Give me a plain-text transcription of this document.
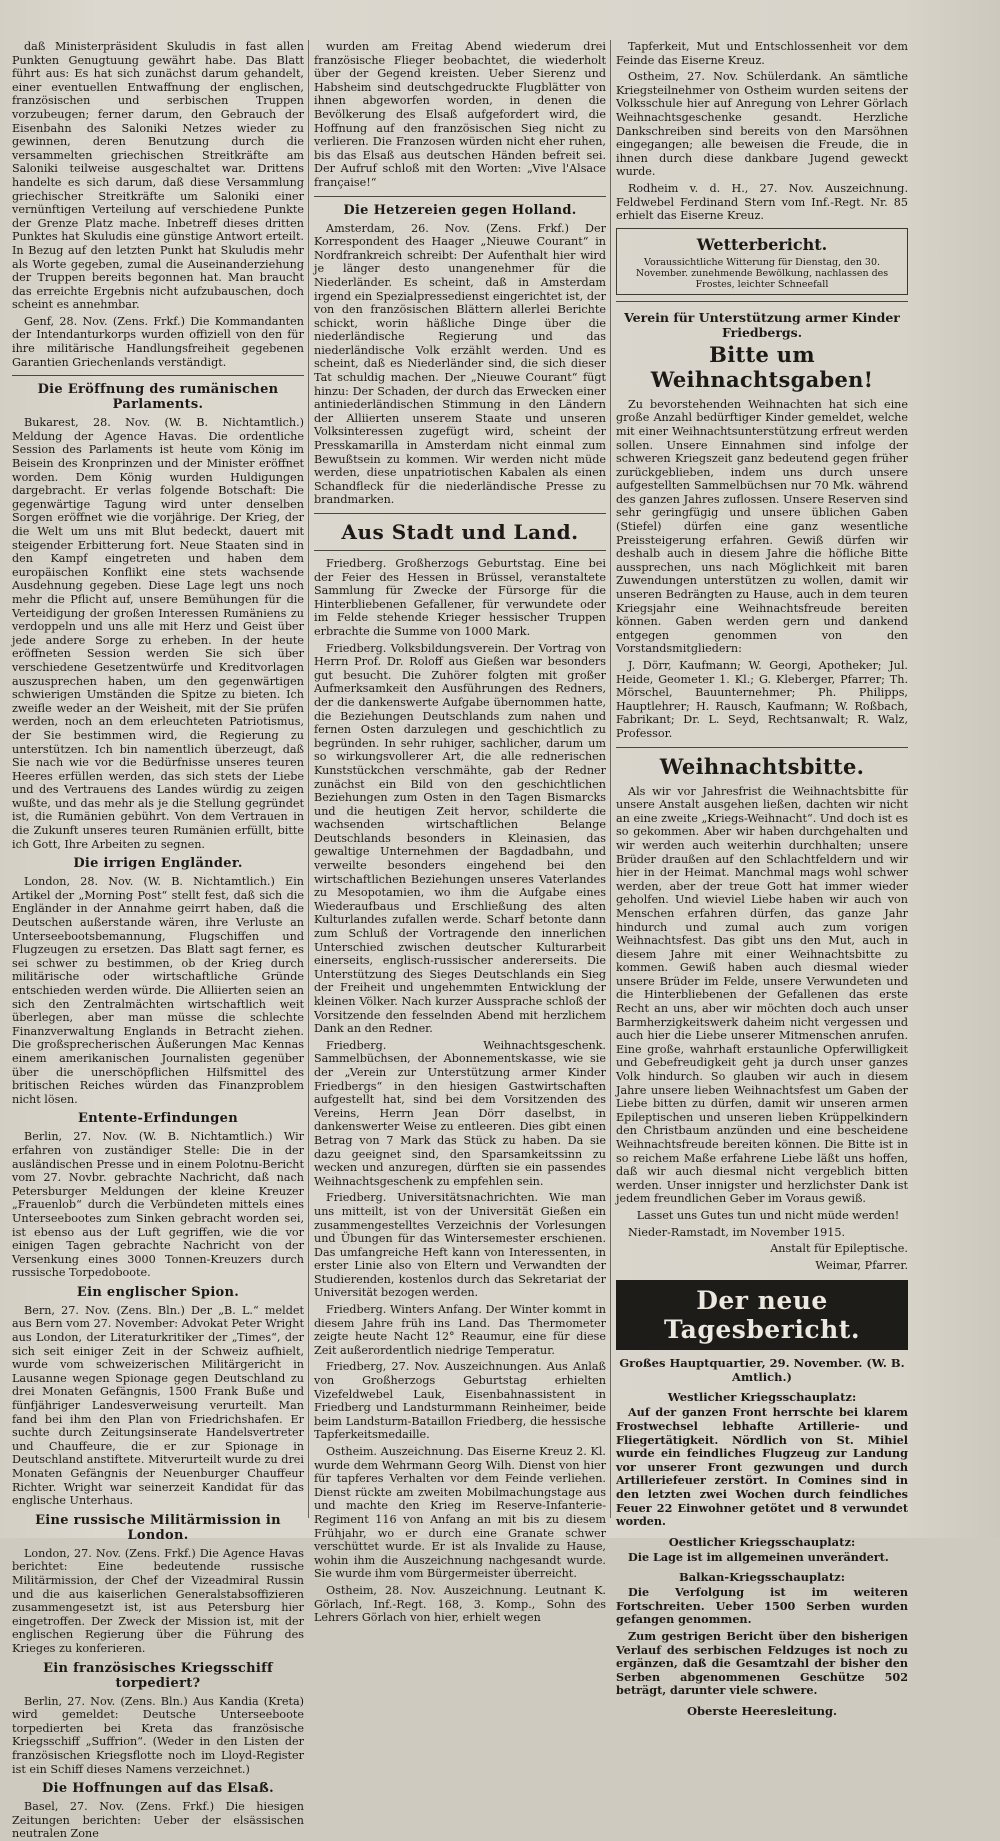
daß Ministerpräsident Skuludis in fast allen Punkten Genugtuung gewährt habe. Das Blatt führt aus: Es hat sich zunächst darum gehandelt, einer eventuellen Entwaffnung der englischen, französischen und serbischen Truppen vorzubeugen; ferner darum, den Gebrauch der Eisenbahn des Saloniki Netzes wieder zu gewinnen, deren Benutzung durch die versammelten griechischen Streitkräfte am Saloniki teilweise ausgeschaltet war. Drittens handelte es sich darum, daß diese Versammlung griechischer Streitkräfte um Saloniki einer vernünftigen Verteilung auf verschiedene Punkte der Grenze Platz mache. Inbetreff dieses dritten Punktes hat Skuludis eine günstige Antwort erteilt. In Bezug auf den letzten Punkt hat Skuludis mehr als Worte gegeben, zumal die Auseinanderziehung der Truppen bereits begonnen hat. Man braucht das erreichte Ergebnis nicht aufzubauschen, doch scheint es annehmbar.

Genf, 28. Nov. (Zens. Frkf.) Die Kommandanten der Intendanturkorps wurden offiziell von den für ihre militärische Handlungsfreiheit gegebenen Garantien Griechenlands verständigt.

Die Eröffnung des rumänischen Parlaments.

Bukarest, 28. Nov. (W. B. Nichtamtlich.) Meldung der Agence Havas. Die ordentliche Session des Parlaments ist heute vom König im Beisein des Kronprinzen und der Minister eröffnet worden. Dem König wurden Huldigungen dargebracht. Er verlas folgende Botschaft: Die gegenwärtige Tagung wird unter denselben Sorgen eröffnet wie die vorjährige. Der Krieg, der die Welt um uns mit Blut bedeckt, dauert mit steigender Erbitterung fort. Neue Staaten sind in den Kampf eingetreten und haben dem europäischen Konflikt eine stets wachsende Ausdehnung gegeben. Diese Lage legt uns noch mehr die Pflicht auf, unsere Bemühungen für die Verteidigung der großen Interessen Rumäniens zu verdoppeln und uns alle mit Herz und Geist über jede andere Sorge zu erheben. In der heute eröffneten Session werden Sie sich über verschiedene Gesetzentwürfe und Kreditvorlagen auszusprechen haben, um den gegenwärtigen schwierigen Umständen die Spitze zu bieten. Ich zweifle weder an der Weisheit, mit der Sie prüfen werden, noch an dem erleuchteten Patriotismus, der Sie bestimmen wird, die Regierung zu unterstützen. Ich bin namentlich überzeugt, daß Sie nach wie vor die Bedürfnisse unseres teuren Heeres erfüllen werden, das sich stets der Liebe und des Vertrauens des Landes würdig zu zeigen wußte, und das mehr als je die Stellung gegründet ist, die Rumänien gebührt. Von dem Vertrauen in die Zukunft unseres teuren Rumänien erfüllt, bitte ich Gott, Ihre Arbeiten zu segnen.

Die irrigen Engländer.

London, 28. Nov. (W. B. Nichtamtlich.) Ein Artikel der „Morning Post“ stellt fest, daß sich die Engländer in der Annahme geirrt haben, daß die Deutschen außerstande wären, ihre Verluste an Unterseebootsbemannung, Flugschiffen und Flugzeugen zu ersetzen. Das Blatt sagt ferner, es sei schwer zu bestimmen, ob der Krieg durch militärische oder wirtschaftliche Gründe entschieden werden würde. Die Alliierten seien an sich den Zentralmächten wirtschaftlich weit überlegen, aber man müsse die schlechte Finanzverwaltung Englands in Betracht ziehen. Die großsprecherischen Äußerungen Mac Kennas einem amerikanischen Journalisten gegenüber über die unerschöpflichen Hilfsmittel des britischen Reiches würden das Finanzproblem nicht lösen.

Entente-Erfindungen

Berlin, 27. Nov. (W. B. Nichtamtlich.) Wir erfahren von zuständiger Stelle: Die in der ausländischen Presse und in einem Polotnu-Bericht vom 27. Novbr. gebrachte Nachricht, daß nach Petersburger Meldungen der kleine Kreuzer „Frauenlob“ durch die Verbündeten mittels eines Unterseebootes zum Sinken gebracht worden sei, ist ebenso aus der Luft gegriffen, wie die vor einigen Tagen gebrachte Nachricht von der Versenkung eines 3000 Tonnen-Kreuzers durch russische Torpedoboote.

Ein englischer Spion.

Bern, 27. Nov. (Zens. Bln.) Der „B. L.“ meldet aus Bern vom 27. November: Advokat Peter Wright aus London, der Literaturkritiker der „Times“, der sich seit einiger Zeit in der Schweiz aufhielt, wurde vom schweizerischen Militärgericht in Lausanne wegen Spionage gegen Deutschland zu drei Monaten Gefängnis, 1500 Frank Buße und fünfjähriger Landesverweisung verurteilt. Man fand bei ihm den Plan von Friedrichshafen. Er suchte durch Zeitungsinserate Handelsvertreter und Chauffeure, die er zur Spionage in Deutschland anstiftete. Mitverurteilt wurde zu drei Monaten Gefängnis der Neuenburger Chauffeur Richter. Wright war seinerzeit Kandidat für das englische Unterhaus.

Eine russische Militärmission in London.

London, 27. Nov. (Zens. Frkf.) Die Agence Havas berichtet: Eine bedeutende russische Militärmission, der Chef der Vizeadmiral Russin und die aus kaiserlichen Generalstabsoffizieren zusammengesetzt ist, ist aus Petersburg hier eingetroffen. Der Zweck der Mission ist, mit der englischen Regierung über die Führung des Krieges zu konferieren.

Ein französisches Kriegsschiff torpediert?

Berlin, 27. Nov. (Zens. Bln.) Aus Kandia (Kreta) wird gemeldet: Deutsche Unterseeboote torpedierten bei Kreta das französische Kriegsschiff „Suffrion“. (Weder in den Listen der französischen Kriegsflotte noch im Lloyd-Register ist ein Schiff dieses Namens verzeichnet.)

Die Hoffnungen auf das Elsaß.

Basel, 27. Nov. (Zens. Frkf.) Die hiesigen Zeitungen berichten: Ueber der elsässischen neutralen Zone

wurden am Freitag Abend wiederum drei französische Flieger beobachtet, die wiederholt über der Gegend kreisten. Ueber Sierenz und Habsheim sind deutschgedruckte Flugblätter von ihnen abgeworfen worden, in denen die Bevölkerung des Elsaß aufgefordert wird, die Hoffnung auf den französischen Sieg nicht zu verlieren. Die Franzosen würden nicht eher ruhen, bis das Elsaß aus deutschen Händen befreit sei. Der Aufruf schloß mit den Worten: „Vive l'Alsace française!“

Die Hetzereien gegen Holland.

Amsterdam, 26. Nov. (Zens. Frkf.) Der Korrespondent des Haager „Nieuwe Courant“ in Nordfrankreich schreibt: Der Aufenthalt hier wird je länger desto unangenehmer für die Niederländer. Es scheint, daß in Amsterdam irgend ein Spezialpressedienst eingerichtet ist, der von den französischen Blättern allerlei Berichte schickt, worin häßliche Dinge über die niederländische Regierung und das niederländische Volk erzählt werden. Und es scheint, daß es Niederländer sind, die sich dieser Tat schuldig machen. Der „Nieuwe Courant“ fügt hinzu: Der Schaden, der durch das Erwecken einer antiniederländischen Stimmung in den Ländern der Alliierten unserem Staate und unseren Volksinteressen zugefügt wird, scheint der Presskamarilla in Amsterdam nicht einmal zum Bewußtsein zu kommen. Wir werden nicht müde werden, diese unpatriotischen Kabalen als einen Schandfleck für die niederländische Presse zu brandmarken.

Aus Stadt und Land.

Friedberg. Großherzogs Geburtstag. Eine bei der Feier des Hessen in Brüssel, veranstaltete Sammlung für Zwecke der Fürsorge für die Hinterbliebenen Gefallener, für verwundete oder im Felde stehende Krieger hessischer Truppen erbrachte die Summe von 1000 Mark.

Friedberg. Volksbildungsverein. Der Vortrag von Herrn Prof. Dr. Roloff aus Gießen war besonders gut besucht. Die Zuhörer folgten mit großer Aufmerksamkeit den Ausführungen des Redners, der die dankenswerte Aufgabe übernommen hatte, die Beziehungen Deutschlands zum nahen und fernen Osten darzulegen und geschichtlich zu begründen. In sehr ruhiger, sachlicher, darum um so wirkungsvollerer Art, die alle rednerischen Kunststückchen verschmähte, gab der Redner zunächst ein Bild von den geschichtlichen Beziehungen zum Osten in den Tagen Bismarcks und die heutigen Zeit hervor, schilderte die wachsenden wirtschaftlichen Belange Deutschlands besonders in Kleinasien, das gewaltige Unternehmen der Bagdadbahn, und verweilte besonders eingehend bei den wirtschaftlichen Beziehungen unseres Vaterlandes zu Mesopotamien, wo ihm die Aufgabe eines Wiederaufbaus und Erschließung des alten Kulturlandes zufallen werde. Scharf betonte dann zum Schluß der Vortragende den innerlichen Unterschied zwischen deutscher Kulturarbeit einerseits, englisch-russischer andererseits. Die Unterstützung des Sieges Deutschlands ein Sieg der Freiheit und ungehemmten Entwicklung der kleinen Völker. Nach kurzer Aussprache schloß der Vorsitzende den fesselnden Abend mit herzlichem Dank an den Redner.

Friedberg. Weihnachtsgeschenk. Sammelbüchsen, der Abonnementskasse, wie sie der „Verein zur Unterstützung armer Kinder Friedbergs“ in den hiesigen Gastwirtschaften aufgestellt hat, sind bei dem Vorsitzenden des Vereins, Herrn Jean Dörr daselbst, in dankenswerter Weise zu entleeren. Dies gibt einen Betrag von 7 Mark das Stück zu haben. Da sie dazu geeignet sind, den Sparsamkeitssinn zu wecken und anzuregen, dürften sie ein passendes Weihnachtsgeschenk zu empfehlen sein.

Friedberg. Universitätsnachrichten. Wie man uns mitteilt, ist von der Universität Gießen ein zusammengestelltes Verzeichnis der Vorlesungen und Übungen für das Wintersemester erschienen. Das umfangreiche Heft kann von Interessenten, in erster Linie also von Eltern und Verwandten der Studierenden, kostenlos durch das Sekretariat der Universität bezogen werden.

Friedberg. Winters Anfang. Der Winter kommt in diesem Jahre früh ins Land. Das Thermometer zeigte heute Nacht 12° Reaumur, eine für diese Zeit außerordentlich niedrige Temperatur.

Friedberg, 27. Nov. Auszeichnungen. Aus Anlaß von Großherzogs Geburtstag erhielten Vizefeldwebel Lauk, Eisenbahnassistent in Friedberg und Landsturmmann Reinheimer, beide beim Landsturm-Bataillon Friedberg, die hessische Tapferkeitsmedaille.

Ostheim. Auszeichnung. Das Eiserne Kreuz 2. Kl. wurde dem Wehrmann Georg Wilh. Dienst von hier für tapferes Verhalten vor dem Feinde verliehen. Dienst rückte am zweiten Mobilmachungstage aus und machte den Krieg im Reserve-Infanterie-Regiment 116 von Anfang an mit bis zu diesem Frühjahr, wo er durch eine Granate schwer verschüttet wurde. Er ist als Invalide zu Hause, wohin ihm die Auszeichnung nachgesandt wurde. Sie wurde ihm vom Bürgermeister überreicht.

Ostheim, 28. Nov. Auszeichnung. Leutnant K. Görlach, Inf.-Regt. 168, 3. Komp., Sohn des Lehrers Görlach von hier, erhielt wegen

Tapferkeit, Mut und Entschlossenheit vor dem Feinde das Eiserne Kreuz.

Ostheim, 27. Nov. Schülerdank. An sämtliche Kriegsteilnehmer von Ostheim wurden seitens der Volksschule hier auf Anregung von Lehrer Görlach Weihnachtsgeschenke gesandt. Herzliche Dankschreiben sind bereits von den Marsöhnen eingegangen; alle beweisen die Freude, die in ihnen durch diese dankbare Jugend geweckt wurde.

Rodheim v. d. H., 27. Nov. Auszeichnung. Feldwebel Ferdinand Stern vom Inf.-Regt. Nr. 85 erhielt das Eiserne Kreuz.

Wetterbericht.
Voraussichtliche Witterung für Dienstag, den 30. November. zunehmende Bewölkung, nachlassen des Frostes, leichter Schneefall
Verein für Unterstützung armer Kinder Friedbergs.
Bitte um Weihnachtsgaben!

Zu bevorstehenden Weihnachten hat sich eine große Anzahl bedürftiger Kinder gemeldet, welche mit einer Weihnachtsunterstützung erfreut werden sollen. Unsere Einnahmen sind infolge der schweren Kriegszeit ganz bedeutend gegen früher zurückgeblieben, indem uns durch unsere aufgestellten Sammelbüchsen nur 70 Mk. während des ganzen Jahres zuflossen. Unsere Reserven sind sehr geringfügig und unsere üblichen Gaben (Stiefel) dürfen eine ganz wesentliche Preissteigerung erfahren. Gewiß dürfen wir deshalb auch in diesem Jahre die höfliche Bitte aussprechen, uns nach Möglichkeit mit baren Zuwendungen unterstützen zu wollen, damit wir unseren Bedrängten zu Hause, auch in dem teuren Kriegsjahr eine Weihnachtsfreude bereiten können. Gaben werden gern und dankend entgegen genommen von den Vorstandsmitgliedern:

J. Dörr, Kaufmann; W. Georgi, Apotheker; Jul. Heide, Geometer 1. Kl.; G. Kleberger, Pfarrer; Th. Mörschel, Bauunternehmer; Ph. Philipps, Hauptlehrer; H. Rausch, Kaufmann; W. Roßbach, Fabrikant; Dr. L. Seyd, Rechtsanwalt; R. Walz, Professor.

Weihnachtsbitte.

Als wir vor Jahresfrist die Weihnachtsbitte für unsere Anstalt ausgehen ließen, dachten wir nicht an eine zweite „Kriegs-Weihnacht“. Und doch ist es so gekommen. Aber wir haben durchgehalten und wir werden auch weiterhin durchhalten; unsere Brüder draußen auf den Schlachtfeldern und wir hier in der Heimat. Manchmal mags wohl schwer werden, aber der treue Gott hat immer wieder geholfen. Und wieviel Liebe haben wir auch von Menschen erfahren dürfen, das ganze Jahr hindurch und zumal auch zum vorigen Weihnachtsfest. Das gibt uns den Mut, auch in diesem Jahre mit einer Weihnachtsbitte zu kommen. Gewiß haben auch diesmal wieder unsere Brüder im Felde, unsere Verwundeten und die Hinterbliebenen der Gefallenen das erste Recht an uns, aber wir möchten doch auch unser Barmherzigkeitswerk daheim nicht vergessen und auch hier die Liebe unserer Mitmenschen anrufen. Eine große, wahrhaft erstaunliche Opferwilligkeit und Gebefreudigkeit geht ja durch unser ganzes Volk hindurch. So glauben wir auch in diesem Jahre unsere lieben Weihnachtsfest um Gaben der Liebe bitten zu dürfen, damit wir unseren armen Epileptischen und unseren lieben Krüppelkindern den Christbaum anzünden und eine bescheidene Weihnachtsfreude bereiten können. Die Bitte ist in so reichem Maße erfahrene Liebe läßt uns hoffen, daß wir auch diesmal nicht vergeblich bitten werden. Unser innigster und herzlichster Dank ist jedem freundlichen Geber im Voraus gewiß.

Lasset uns Gutes tun und nicht müde werden!

Nieder-Ramstadt, im November 1915.

Anstalt für Epileptische.
Weimar, Pfarrer.
Der neue Tagesbericht.
Großes Hauptquartier, 29. November. (W. B. Amtlich.)
Westlicher Kriegsschauplatz:

Auf der ganzen Front herrschte bei klarem Frostwechsel lebhafte Artillerie- und Fliegertätigkeit. Nördlich von St. Mihiel wurde ein feindliches Flugzeug zur Landung vor unserer Front gezwungen und durch Artilleriefeuer zerstört. In Comines sind in den letzten zwei Wochen durch feindliches Feuer 22 Einwohner getötet und 8 verwundet worden.

Oestlicher Kriegsschauplatz:

Die Lage ist im allgemeinen unverändert.

Balkan-Kriegsschauplatz:

Die Verfolgung ist im weiteren Fortschreiten. Ueber 1500 Serben wurden gefangen genommen.

Zum gestrigen Bericht über den bisherigen Verlauf des serbischen Feldzuges ist noch zu ergänzen, daß die Gesamtzahl der bisher den Serben abgenommenen Geschütze 502 beträgt, darunter viele schwere.

Oberste Heeresleitung.
